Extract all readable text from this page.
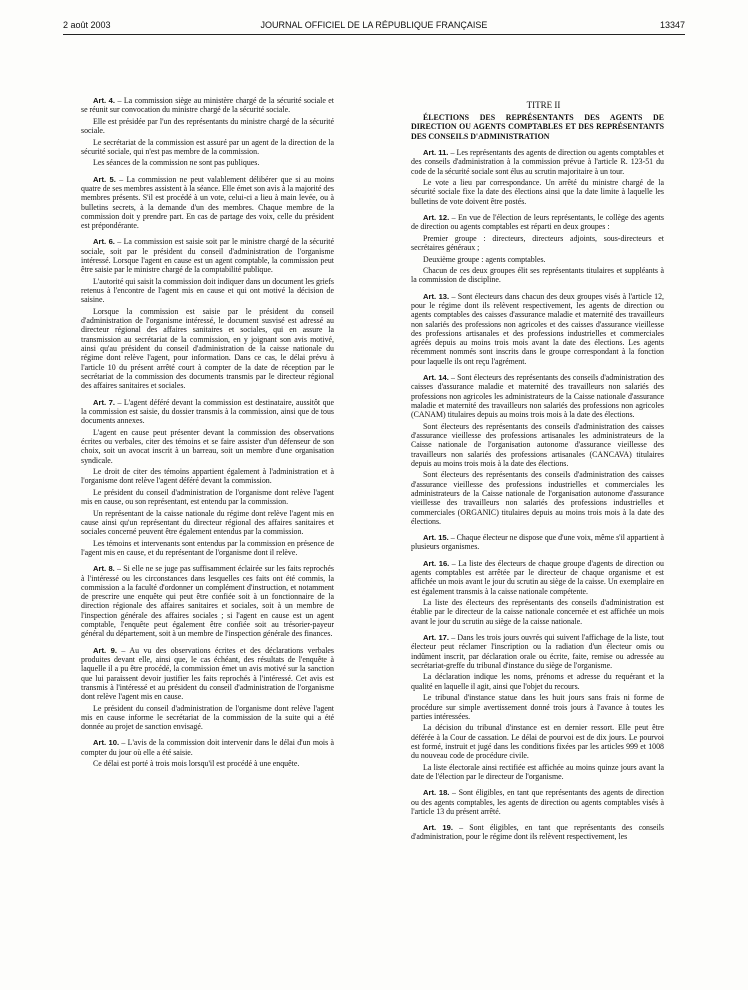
2 août 2003	JOURNAL OFFICIEL DE LA RÉPUBLIQUE FRANÇAISE	13347

Art. 4. – La commission siège au ministère chargé de la sécurité sociale et se réunit sur convocation du ministre chargé de la sécurité sociale.

Elle est présidée par l'un des représentants du ministre chargé de la sécurité sociale.

Le secrétariat de la commission est assuré par un agent de la direction de la sécurité sociale, qui n'est pas membre de la commission.

Les séances de la commission ne sont pas publiques.

Art. 5. – La commission ne peut valablement délibérer que si au moins quatre de ses membres assistent à la séance. Elle émet son avis à la majorité des membres présents. S'il est procédé à un vote, celui-ci a lieu à main levée, ou à bulletins secrets, à la demande d'un des membres. Chaque membre de la commission doit y prendre part. En cas de partage des voix, celle du président est prépondérante.

Art. 6. – La commission est saisie soit par le ministre chargé de la sécurité sociale, soit par le président du conseil d'administration de l'organisme intéressé. Lorsque l'agent en cause est un agent comptable, la commission peut être saisie par le ministre chargé de la comptabilité publique.

L'autorité qui saisit la commission doit indiquer dans un document les griefs retenus à l'encontre de l'agent mis en cause et qui ont motivé la décision de saisine.

Lorsque la commission est saisie par le président du conseil d'administration de l'organisme intéressé, le document susvisé est adressé au directeur régional des affaires sanitaires et sociales, qui en assure la transmission au secrétariat de la commission, en y joignant son avis motivé, ainsi qu'au président du conseil d'administration de la caisse nationale du régime dont relève l'agent, pour information. Dans ce cas, le délai prévu à l'article 10 du présent arrêté court à compter de la date de réception par le secrétariat de la commission des documents transmis par le directeur régional des affaires sanitaires et sociales.

Art. 7. – L'agent déféré devant la commission est destinataire, aussitôt que la commission est saisie, du dossier transmis à la commission, ainsi que de tous documents annexes.

L'agent en cause peut présenter devant la commission des observations écrites ou verbales, citer des témoins et se faire assister d'un défenseur de son choix, soit un avocat inscrit à un barreau, soit un membre d'une organisation syndicale.

Le droit de citer des témoins appartient également à l'administration et à l'organisme dont relève l'agent déféré devant la commission.

Le président du conseil d'administration de l'organisme dont relève l'agent mis en cause, ou son représentant, est entendu par la commission.

Un représentant de la caisse nationale du régime dont relève l'agent mis en cause ainsi qu'un représentant du directeur régional des affaires sanitaires et sociales concerné peuvent être également entendus par la commission.

Les témoins et intervenants sont entendus par la commission en présence de l'agent mis en cause, et du représentant de l'organisme dont il relève.

Art. 8. – Si elle ne se juge pas suffisamment éclairée sur les faits reprochés à l'intéressé ou les circonstances dans lesquelles ces faits ont été commis, la commission a la faculté d'ordonner un complément d'instruction, et notamment de prescrire une enquête qui peut être confiée soit à un fonctionnaire de la direction régionale des affaires sanitaires et sociales, soit à un membre de l'inspection générale des affaires sociales ; si l'agent en cause est un agent comptable, l'enquête peut également être confiée soit au trésorier-payeur général du département, soit à un membre de l'inspection générale des finances.

Art. 9. – Au vu des observations écrites et des déclarations verbales produites devant elle, ainsi que, le cas échéant, des résultats de l'enquête à laquelle il a pu être procédé, la commission émet un avis motivé sur la sanction que lui paraissent devoir justifier les faits reprochés à l'intéressé. Cet avis est transmis à l'intéressé et au président du conseil d'administration de l'organisme dont relève l'agent mis en cause.

Le président du conseil d'administration de l'organisme dont relève l'agent mis en cause informe le secrétariat de la commission de la suite qui a été donnée au projet de sanction envisagé.

Art. 10. – L'avis de la commission doit intervenir dans le délai d'un mois à compter du jour où elle a été saisie.

Ce délai est porté à trois mois lorsqu'il est procédé à une enquête.

TITRE II

ÉLECTIONS DES REPRÉSENTANTS DES AGENTS DE DIRECTION OU AGENTS COMPTABLES ET DES REPRÉSENTANTS DES CONSEILS D'ADMINISTRATION

Art. 11. – Les représentants des agents de direction ou agents comptables et des conseils d'administration à la commission prévue à l'article R. 123-51 du code de la sécurité sociale sont élus au scrutin majoritaire à un tour.

Le vote a lieu par correspondance. Un arrêté du ministre chargé de la sécurité sociale fixe la date des élections ainsi que la date limite à laquelle les bulletins de vote doivent être postés.

Art. 12. – En vue de l'élection de leurs représentants, le collège des agents de direction ou agents comptables est réparti en deux groupes :

Premier groupe : directeurs, directeurs adjoints, sous-directeurs et secrétaires généraux ;

Deuxième groupe : agents comptables.

Chacun de ces deux groupes élit ses représentants titulaires et suppléants à la commission de discipline.

Art. 13. – Sont électeurs dans chacun des deux groupes visés à l'article 12, pour le régime dont ils relèvent respectivement, les agents de direction ou agents comptables des caisses d'assurance maladie et maternité des travailleurs non salariés des professions non agricoles et des caisses d'assurance vieillesse des professions artisanales et des professions industrielles et commerciales agréés depuis au moins trois mois avant la date des élections. Les agents récemment nommés sont inscrits dans le groupe correspondant à la fonction pour laquelle ils ont reçu l'agrément.

Art. 14. – Sont électeurs des représentants des conseils d'administration des caisses d'assurance maladie et maternité des travailleurs non salariés des professions non agricoles les administrateurs de la Caisse nationale d'assurance maladie et maternité des travailleurs non salariés des professions non agricoles (CANAM) titulaires depuis au moins trois mois à la date des élections.

Sont électeurs des représentants des conseils d'administration des caisses d'assurance vieillesse des professions artisanales les administrateurs de la Caisse nationale de l'organisation autonome d'assurance vieillesse des travailleurs non salariés des professions artisanales (CANCAVA) titulaires depuis au moins trois mois à la date des élections.

Sont électeurs des représentants des conseils d'administration des caisses d'assurance vieillesse des professions industrielles et commerciales les administrateurs de la Caisse nationale de l'organisation autonome d'assurance vieillesse des travailleurs non salariés des professions industrielles et commerciales (ORGANIC) titulaires depuis au moins trois mois à la date des élections.

Art. 15. – Chaque électeur ne dispose que d'une voix, même s'il appartient à plusieurs organismes.

Art. 16. – La liste des électeurs de chaque groupe d'agents de direction ou agents comptables est arrêtée par le directeur de chaque organisme et est affichée un mois avant le jour du scrutin au siège de la caisse. Un exemplaire en est également transmis à la caisse nationale compétente.

La liste des électeurs des représentants des conseils d'administration est établie par le directeur de la caisse nationale concernée et est affichée un mois avant le jour du scrutin au siège de la caisse nationale.

Art. 17. – Dans les trois jours ouvrés qui suivent l'affichage de la liste, tout électeur peut réclamer l'inscription ou la radiation d'un électeur omis ou indûment inscrit, par déclaration orale ou écrite, faite, remise ou adressée au secrétariat-greffe du tribunal d'instance du siège de l'organisme.

La déclaration indique les noms, prénoms et adresse du requérant et la qualité en laquelle il agit, ainsi que l'objet du recours.

Le tribunal d'instance statue dans les huit jours sans frais ni forme de procédure sur simple avertissement donné trois jours à l'avance à toutes les parties intéressées.

La décision du tribunal d'instance est en dernier ressort. Elle peut être déférée à la Cour de cassation. Le délai de pourvoi est de dix jours. Le pourvoi est formé, instruit et jugé dans les conditions fixées par les articles 999 et 1008 du nouveau code de procédure civile.

La liste électorale ainsi rectifiée est affichée au moins quinze jours avant la date de l'élection par le directeur de l'organisme.

Art. 18. – Sont éligibles, en tant que représentants des agents de direction ou des agents comptables, les agents de direction ou agents comptables visés à l'article 13 du présent arrêté.

Art. 19. – Sont éligibles, en tant que représentants des conseils d'administration, pour le régime dont ils relèvent respectivement, les
